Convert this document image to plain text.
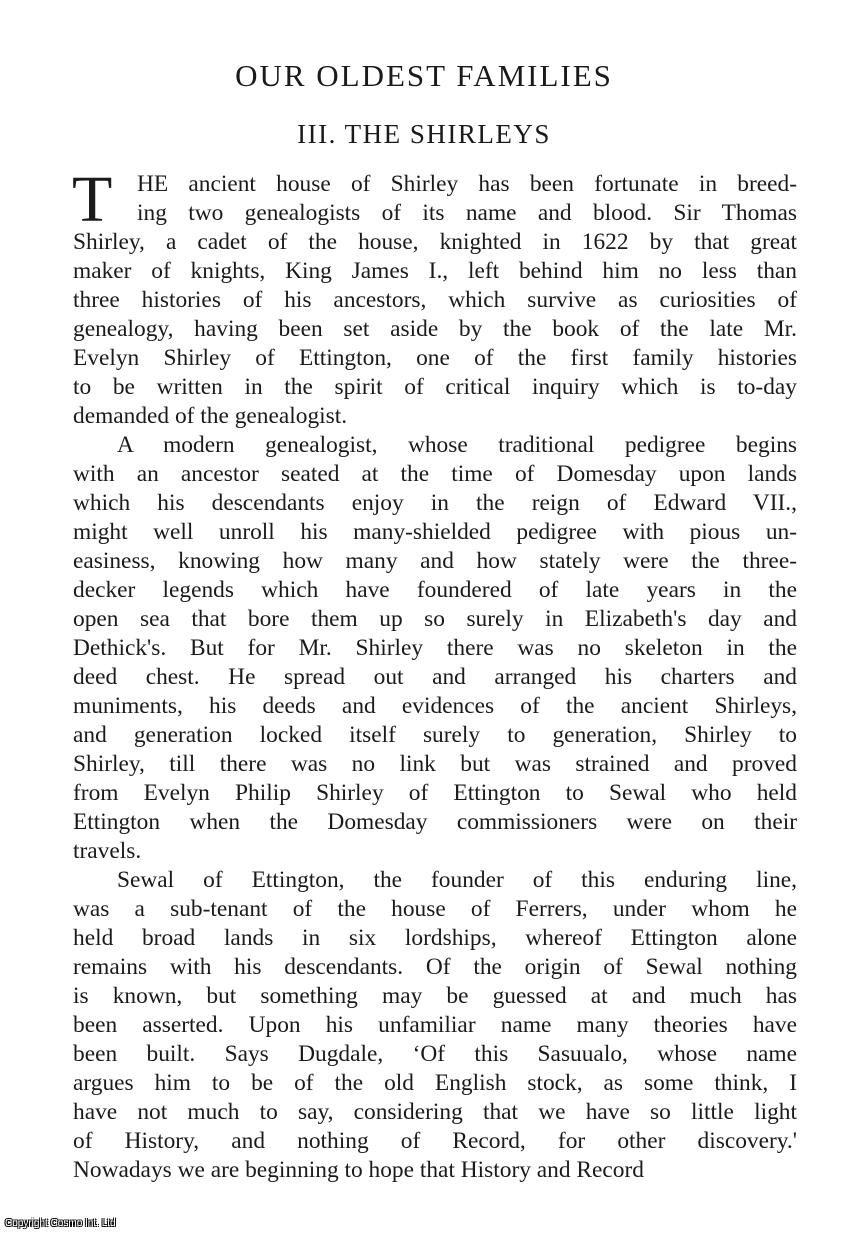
OUR OLDEST FAMILIES
III. THE SHIRLEYS
T	HE ancient house of Shirley has been fortunate in breed-
ing two genealogists of its name and blood. Sir Thomas
Shirley, a cadet of the house, knighted in 1622 by that great
maker of knights, King James I., left behind him no less than
three histories of his ancestors, which survive as curiosities of
genealogy, having been set aside by the book of the late Mr.
Evelyn Shirley of Ettington, one of the first family histories
to be written in the spirit of critical inquiry which is to-day
demanded of the genealogist.
A modern genealogist, whose traditional pedigree begins
with an ancestor seated at the time of Domesday upon lands
which his descendants enjoy in the reign of Edward VII.,
might well unroll his many-shielded pedigree with pious un-
easiness, knowing how many and how stately were the three-
decker legends which have foundered of late years in the
open sea that bore them up so surely in Elizabeth's day and
Dethick's. But for Mr. Shirley there was no skeleton in the
deed chest. He spread out and arranged his charters and
muniments, his deeds and evidences of the ancient Shirleys,
and generation locked itself surely to generation, Shirley to
Shirley, till there was no link but was strained and proved
from Evelyn Philip Shirley of Ettington to Sewal who held
Ettington when the Domesday commissioners were on their
travels.
Sewal of Ettington, the founder of this enduring line,
was a sub-tenant of the house of Ferrers, under whom he
held broad lands in six lordships, whereof Ettington alone
remains with his descendants. Of the origin of Sewal nothing
is known, but something may be guessed at and much has
been asserted. Upon his unfamiliar name many theories have
been built. Says Dugdale, ‘Of this Sasuualo, whose name
argues him to be of the old English stock, as some think, I
have not much to say, considering that we have so little light
of History, and nothing of Record, for other discovery.'
Nowadays we are beginning to hope that History and Record
Copyright Cosmo Int. Ltd
